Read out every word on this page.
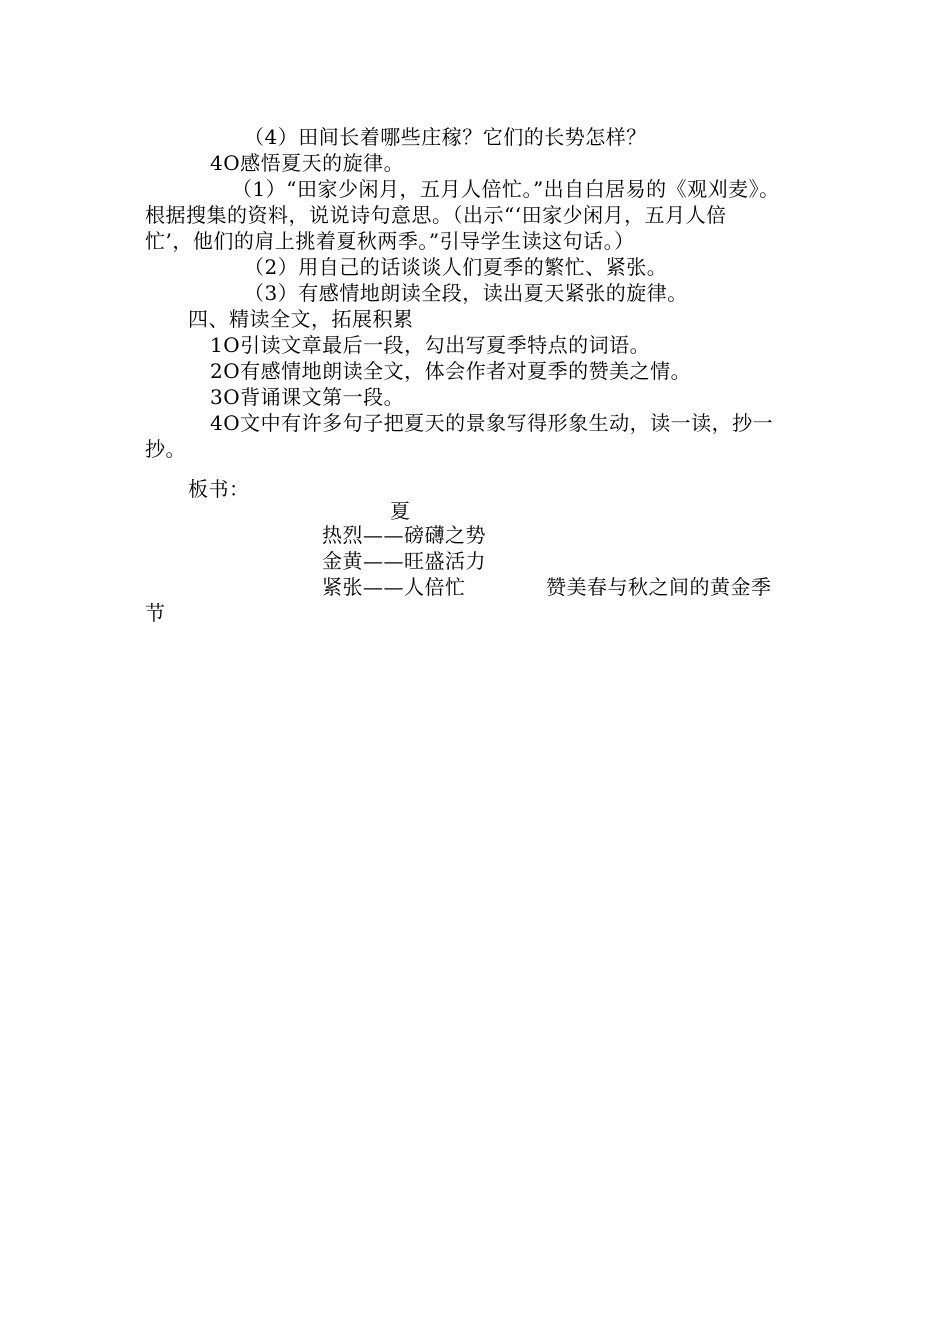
（4）田间长着哪些庄稼？它们的长势怎样？
4O感悟夏天的旋律。
（1）“田家少闲月，五月人倍忙。”出自白居易的《观刈麦》。
根据搜集的资料，说说诗句意思。（出示“‘田家少闲月，五月人倍
忙’，他们的肩上挑着夏秋两季。”引导学生读这句话。）
（2）用自己的话谈谈人们夏季的繁忙、紧张。
（3）有感情地朗读全段，读出夏天紧张的旋律。
四、精读全文，拓展积累
1O引读文章最后一段，勾出写夏季特点的词语。
2O有感情地朗读全文，体会作者对夏季的赞美之情。
3O背诵课文第一段。
4O文中有许多句子把夏天的景象写得形象生动，读一读，抄一
抄。
板书：
夏
热烈——磅礴之势
金黄——旺盛活力
紧张——人倍忙	赞美春与秋之间的黄金季
节
